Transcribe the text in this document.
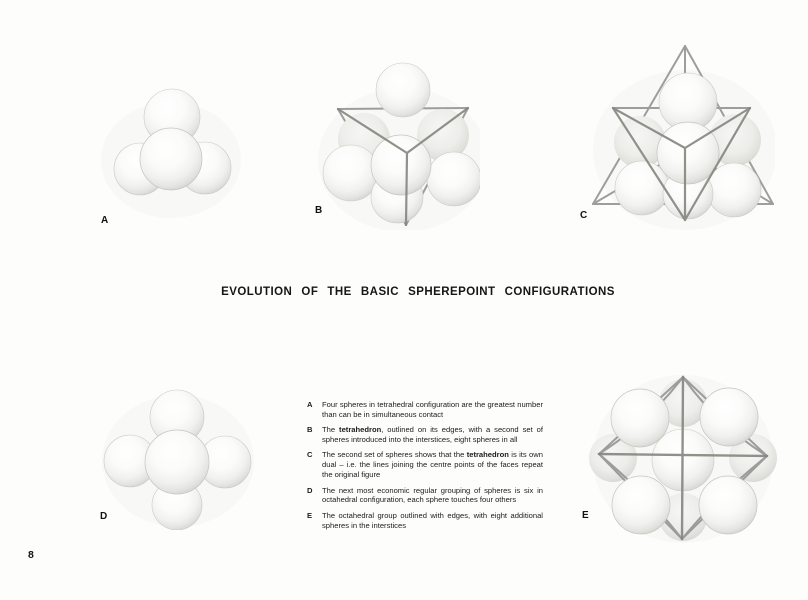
A
B	C
EVOLUTION OF THE BASIC SPHEREPOINT CONFIGURATIONS
D
A	Four spheres in tetrahedral configuration are the greatest number than can be in simultaneous contact
B	The tetrahedron, outlined on its edges, with a second set of spheres introduced into the interstices, eight spheres in all
C	The second set of spheres shows that the tetrahedron is its own dual – i.e. the lines joining the centre points of the faces repeat the original figure
D	The next most economic regular grouping of spheres is six in octahedral configuration, each sphere touches four others
E	The octahedral group outlined with edges, with eight additional spheres in the interstices
E
8
